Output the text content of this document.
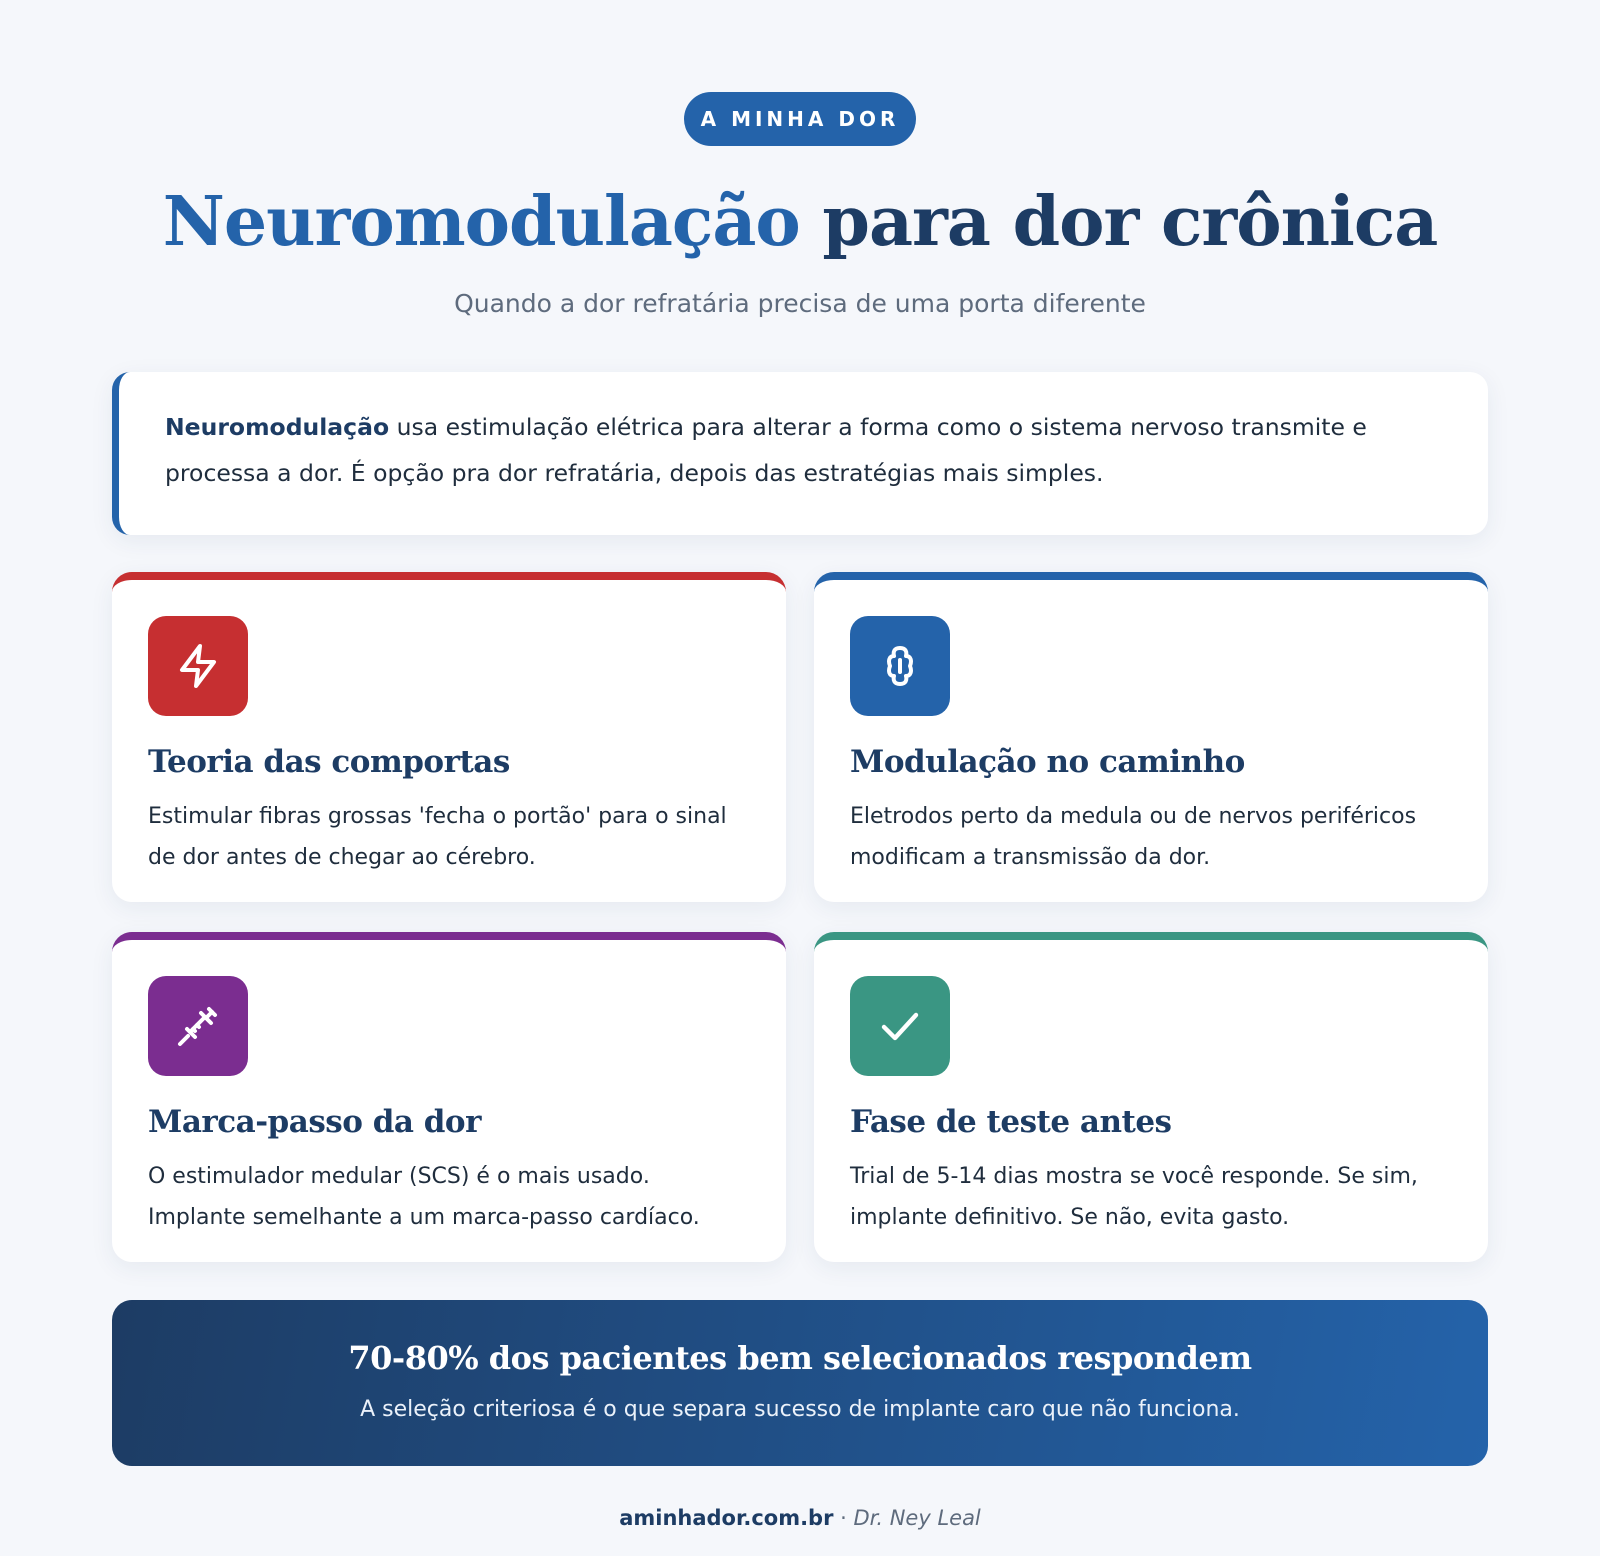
A MINHA DOR
Neuromodulação para dor crônica

Quando a dor refratária precisa de uma porta diferente

Neuromodulação usa estimulação elétrica para alterar a forma como o sistema nervoso transmite e processa a dor. É opção pra dor refratária, depois das estratégias mais simples.
Teoria das comportas

Estimular fibras grossas 'fecha o portão' para o sinal de dor antes de chegar ao cérebro.

Modulação no caminho

Eletrodos perto da medula ou de nervos periféricos modificam a transmissão da dor.

Marca-passo da dor

O estimulador medular (SCS) é o mais usado. Implante semelhante a um marca-passo cardíaco.

Fase de teste antes

Trial de 5-14 dias mostra se você responde. Se sim, implante definitivo. Se não, evita gasto.

70-80% dos pacientes bem selecionados respondem
A seleção criteriosa é o que separa sucesso de implante caro que não funciona.
aminhador.com.br · Dr. Ney Leal
